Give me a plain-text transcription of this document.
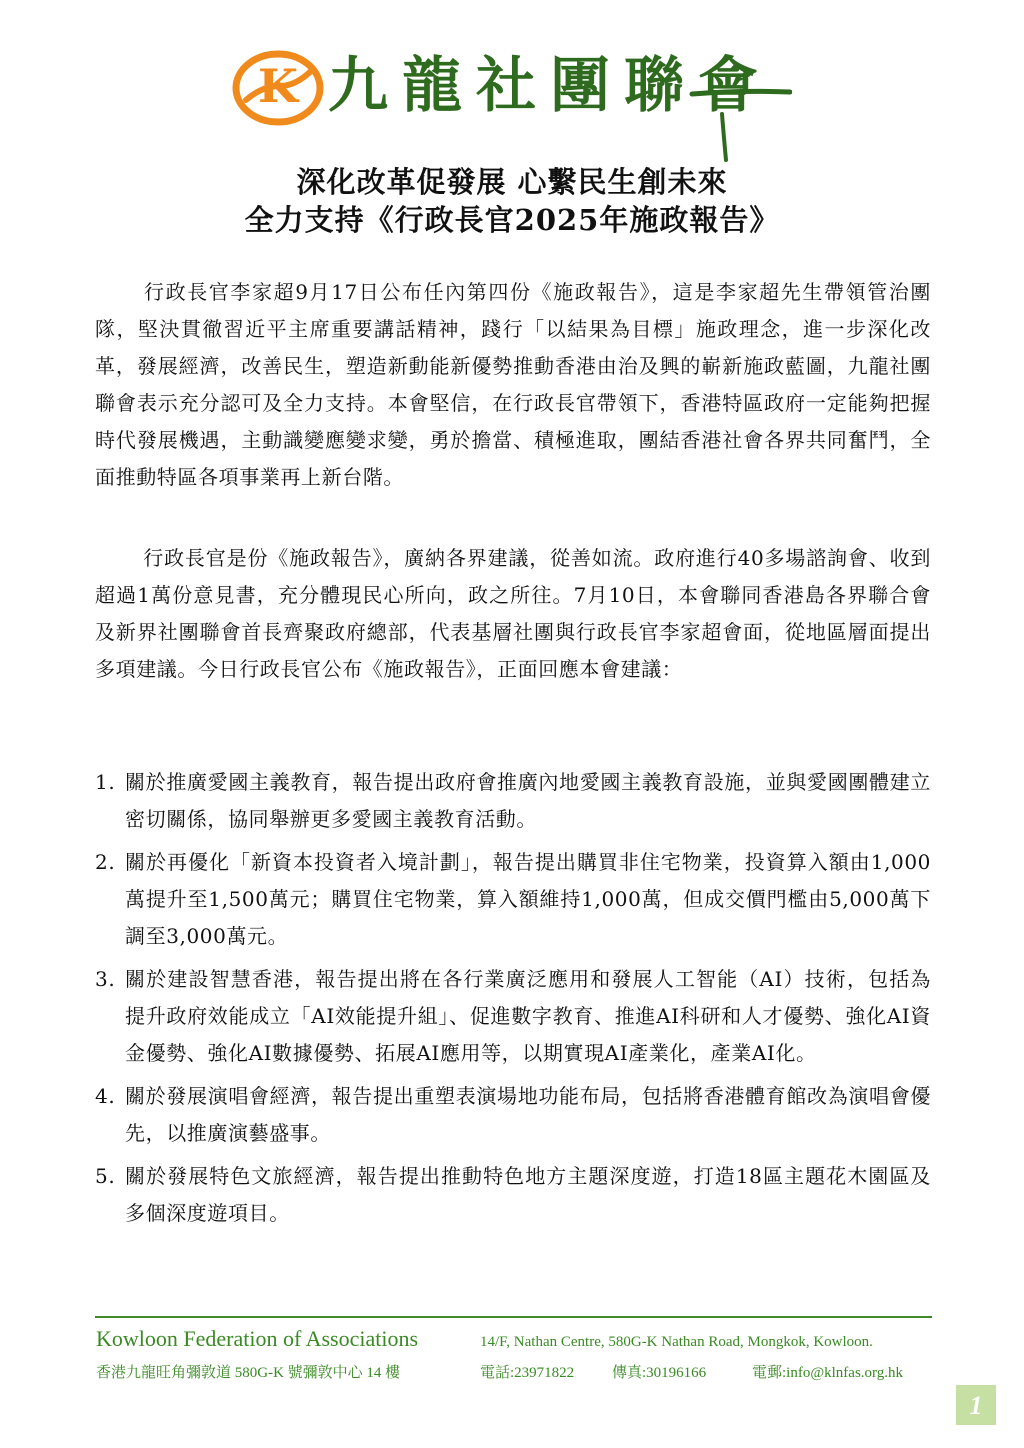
K 九龍社團聯會
深化改革促發展 心繫民生創未來
全力支持《行政長官2025年施政報告》

行政長官李家超9月17日公布任內第四份《施政報告》，這是李家超先生帶領管治團隊，堅決貫徹習近平主席重要講話精神，踐行「以結果為目標」施政理念，進一步深化改革，發展經濟，改善民生，塑造新動能新優勢推動香港由治及興的嶄新施政藍圖，九龍社團聯會表示充分認可及全力支持。本會堅信，在行政長官帶領下，香港特區政府一定能夠把握時代發展機遇，主動識變應變求變，勇於擔當、積極進取，團結香港社會各界共同奮鬥，全面推動特區各項事業再上新台階。

行政長官是份《施政報告》，廣納各界建議，從善如流。政府進行40多場諮詢會、收到超過1萬份意見書，充分體現民心所向，政之所往。7月10日，本會聯同香港島各界聯合會及新界社團聯會首長齊聚政府總部，代表基層社團與行政長官李家超會面，從地區層面提出多項建議。今日行政長官公布《施政報告》，正面回應本會建議：

1. 關於推廣愛國主義教育，報告提出政府會推廣內地愛國主義教育設施，並與愛國團體建立密切關係，協同舉辦更多愛國主義教育活動。
2. 關於再優化「新資本投資者入境計劃」，報告提出購買非住宅物業，投資算入額由1,000萬提升至1,500萬元；購買住宅物業，算入額維持1,000萬，但成交價門檻由5,000萬下調至3,000萬元。
3. 關於建設智慧香港，報告提出將在各行業廣泛應用和發展人工智能（AI）技術，包括為提升政府效能成立「AI效能提升組」、促進數字教育、推進AI科研和人才優勢、強化AI資金優勢、強化AI數據優勢、拓展AI應用等，以期實現AI產業化，產業AI化。
4. 關於發展演唱會經濟，報告提出重塑表演場地功能布局，包括將香港體育館改為演唱會優先，以推廣演藝盛事。
5. 關於發展特色文旅經濟，報告提出推動特色地方主題深度遊，打造18區主題花木園區及多個深度遊項目。
Kowloon Federation of Associations	14/F, Nathan Centre, 580G-K Nathan Road, Mongkok, Kowloon.
香港九龍旺角彌敦道 580G-K 號彌敦中心 14 樓	電話:23971822	傳真:30196166	電郵:info@klnfas.org.hk
1
